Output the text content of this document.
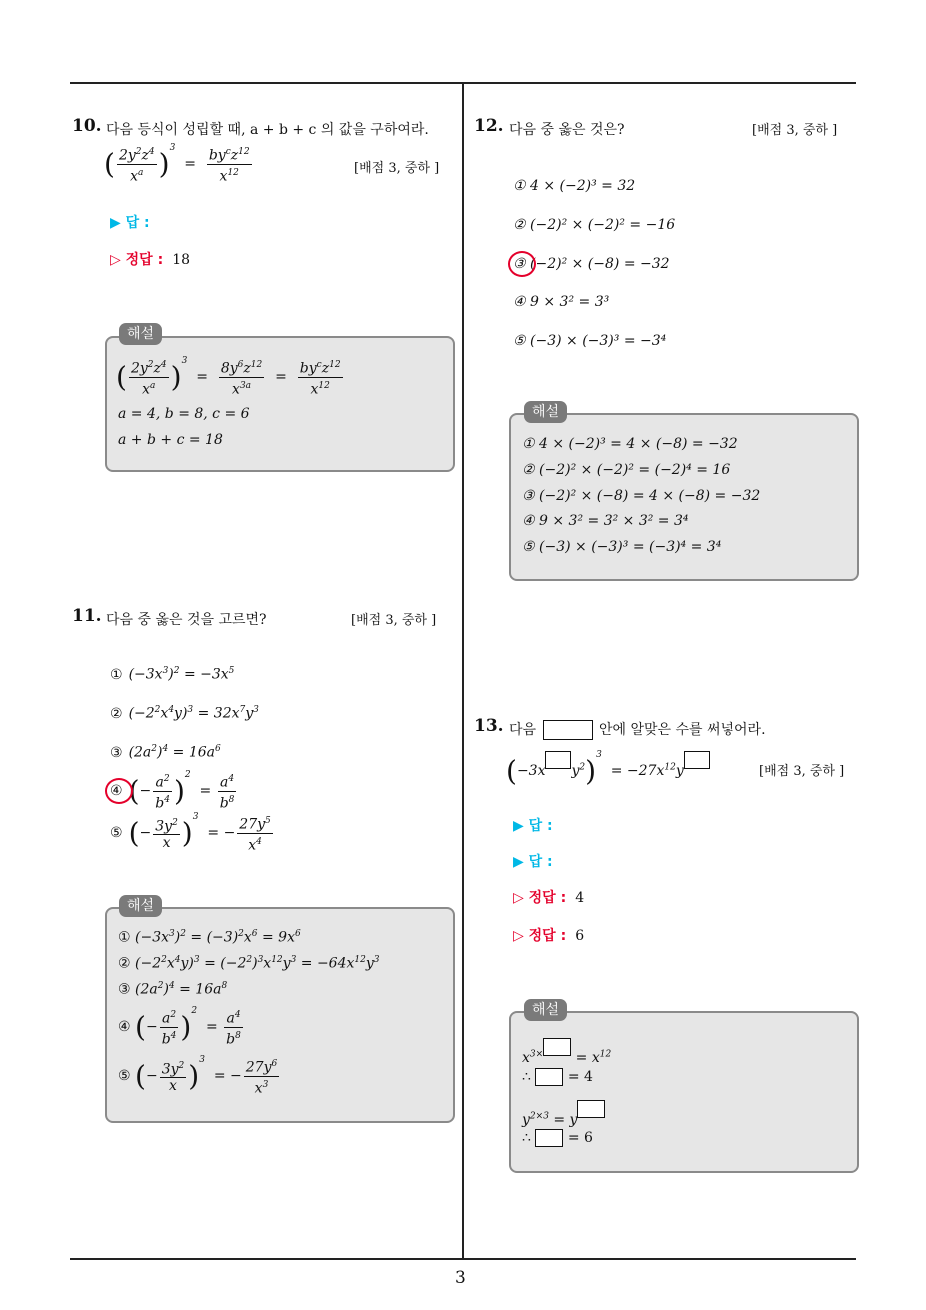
3
10. 다음 등식이 성립할 때, a + b + c 의 값을 구하여라.
( $\frac{2y^2z^4}{x^a} )^3 = \frac{by^cz^{12}}{x^{12}}$	[배점 3, 중하 ]
▶ 답 :
▷ 정답 : 18
해설
( $\frac{2y^2z^4}{x^a} )^3 = \frac{8y^6z^{12}}{x^{3a}} = \frac{by^cz^{12}}{x^{12}}$
a = 4, b = 8, c = 6
a + b + c = 18
11. 다음 중 옳은 것을 고르면?	[배점 3, 중하 ]
① $(-3x^3)^2 = -3x^5$
② $(-2^2x^4y)^3 = 32x^7y^3$
③ $(2a^2)^4 = 16a^6$
④ (− $\frac{a^2}{b^4} )^2 = \frac{a^4}{b^8}$
⑤ (− $\frac{3y^2}{x} )^3$  = − $\frac{27y^5}{x^4}$
해설
① $(-3x^3)^2 = (-3)^2x^6 = 9x^6$
② $(-2^2x^4y)^3 = (-2^2)^3x^{12}y^3 = -64x^{12}y^3$
③ $(2a^2)^4 = 16a^8$
④ (− $\frac{a^2}{b^4} )^2 = \frac{a^4}{b^8}$
⑤ (− $\frac{3y^2}{x} )^3$  = − $\frac{27y^6}{x^3}$
12. 다음 중 옳은 것은?	[배점 3, 중하 ]
① 4 × (−2)³ = 32
② (−2)² × (−2)² = −16
③ (−2)² × (−8) = −32
④ 9 × 3² = 3³
⑤ (−3) × (−3)³ = −3⁴
해설
① 4 × (−2)³ = 4 × (−8) = −32
② (−2)² × (−2)² = (−2)⁴ = 16
③ (−2)² × (−8) = 4 × (−8) = −32
④ 9 × 3² = 3² × 3² = 3⁴
⑤ (−3) × (−3)³ = (−3)⁴ = 3⁴
13. 다음	안에 알맞은 수를 써넣어라.
(−3x $y^2)^3 = -27x^{12}y$	[배점 3, 중하 ]
▶ 답 :
▶ 답 :
▷ 정답 : 4
▷ 정답 : 6
해설
$x^{3\times} = x^{12}$
∴	= 4
$y^{2\times 3} = y$
∴	= 6
